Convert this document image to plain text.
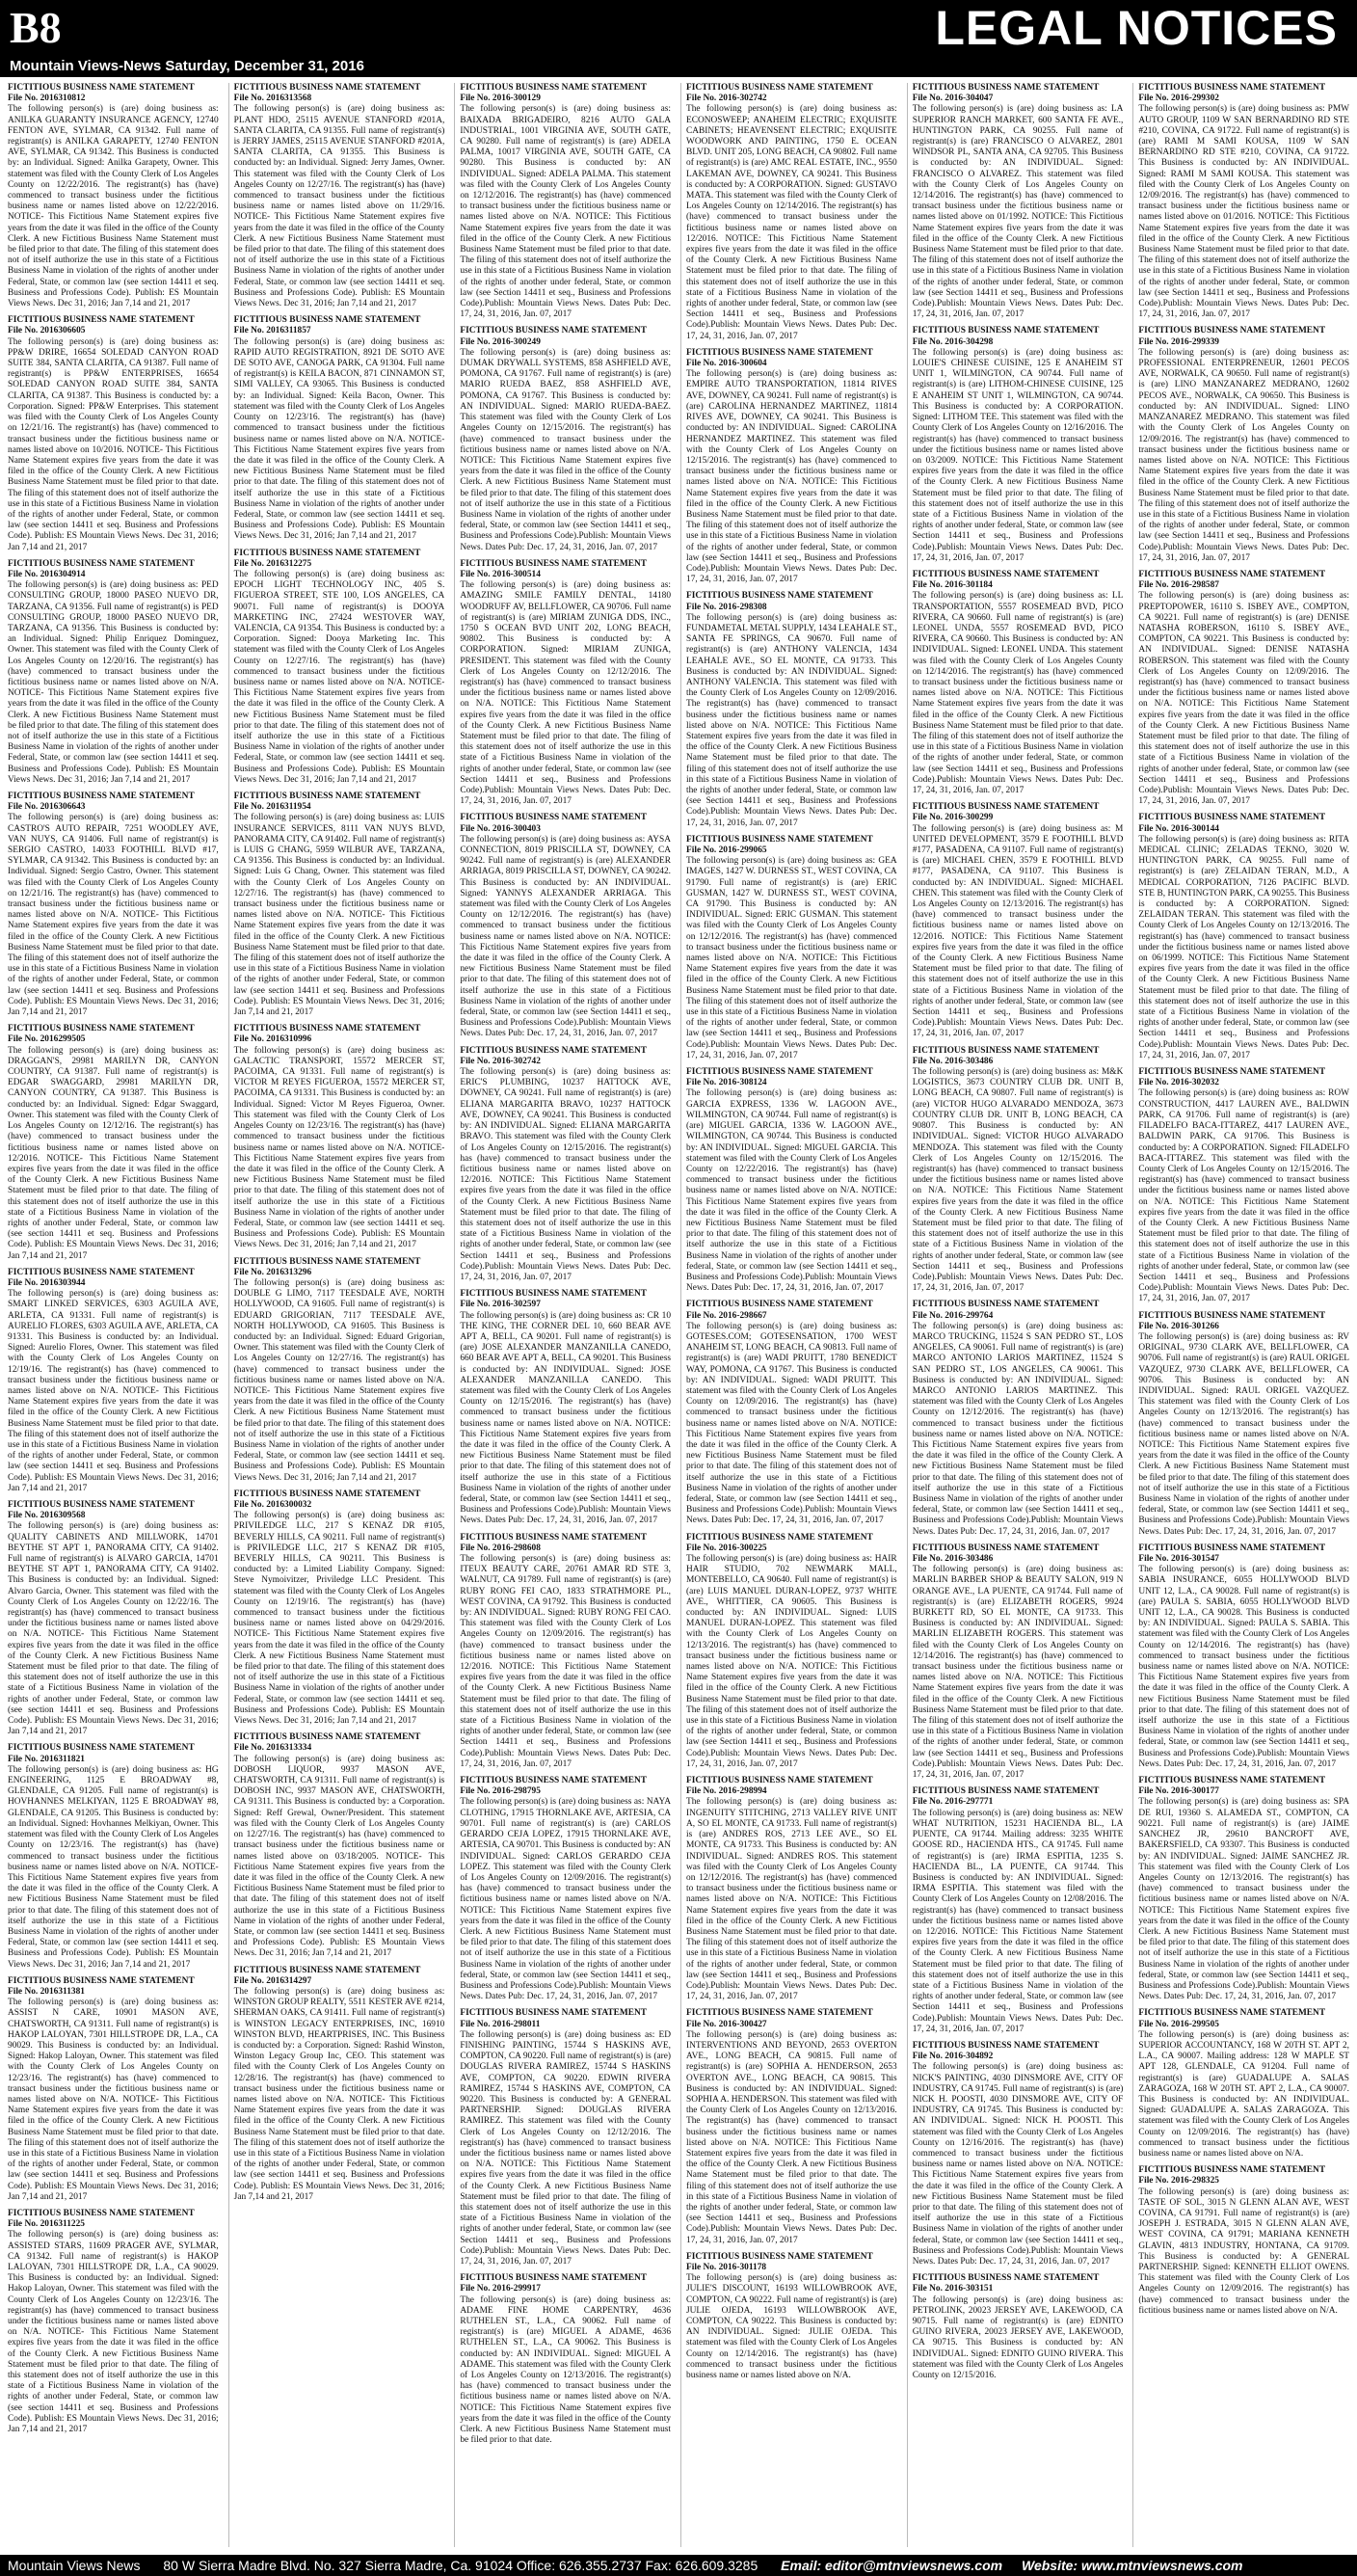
B8	LEGAL NOTICES
Mountain Views-News Saturday, December 31, 2016
FICTITIOUS BUSINESS NAME STATEMENT
File No. 2016310812
The following person(s) is (are) doing business as: ANILKA GUARANTY INSURANCE AGENCY, 12740 FENTON AVE, SYLMAR, CA 91342. Full name of registrant(s) is ANILKA GARAPETY, 12740 FENTON AVE, SYLMAR, CA 91342. This Business is conducted by: an Individual. Signed: Anilka Garapety, Owner. This statement was filed with the County Clerk of Los Angeles County on 12/22/2016. The registrant(s) has (have) commenced to transact business under the fictitious business name or names listed above on 12/22/2016. NOTICE- This Fictitious Name Statement expires five years from the date it was filed in the office of the County Clerk. A new Fictitious Business Name Statement must be filed prior to that date. The filing of this statement does not of itself authorize the use in this state of a Fictitious Business Name in violation of the rights of another under Federal, State, or common law (see section 14411 et seq. Business and Professions Code). Publish: ES Mountain Views News. Dec 31, 2016; Jan 7,14 and 21, 2017
FICTITIOUS BUSINESS NAME STATEMENT
File No. 2016306605
The following person(s) is (are) doing business as: PP&W DRIRE, 16654 SOLEDAD CANYON ROAD SUITE 384, SANTA CLARITA, CA 91387. Full name of registrant(s) is PP&W ENTERPRISES, 16654 SOLEDAD CANYON ROAD SUITE 384, SANTA CLARITA, CA 91387. This Business is conducted by: a Corporation. Signed: PP&W Enterprises. This statement was filed with the County Clerk of Los Angeles County on 12/21/16. The registrant(s) has (have) commenced to transact business under the fictitious business name or names listed above on 10/2016. NOTICE- This Fictitious Name Statement expires five years from the date it was filed in the office of the County Clerk. A new Fictitious Business Name Statement must be filed prior to that date. The filing of this statement does not of itself authorize the use in this state of a Fictitious Business Name in violation of the rights of another under Federal, State, or common law (see section 14411 et seq. Business and Professions Code). Publish: ES Mountain Views News. Dec 31, 2016; Jan 7,14 and 21, 2017
FICTITIOUS BUSINESS NAME STATEMENT
File No. 2016304914
The following person(s) is (are) doing business as: PED CONSULTING GROUP, 18000 PASEO NUEVO DR, TARZANA, CA 91356. Full name of registrant(s) is PED CONSULTING GROUP, 18000 PASEO NUEVO DR, TARZANA, CA 91356. This Business is conducted by: an Individual. Signed: Philip Enriquez Dominguez, Owner. This statement was filed with the County Clerk of Los Angeles County on 12/20/16. The registrant(s) has (have) commenced to transact business under the fictitious business name or names listed above on N/A. NOTICE- This Fictitious Name Statement expires five years from the date it was filed in the office of the County Clerk. A new Fictitious Business Name Statement must be filed prior to that date. The filing of this statement does not of itself authorize the use in this state of a Fictitious Business Name in violation of the rights of another under Federal, State, or common law (see section 14411 et seq. Business and Professions Code). Publish: ES Mountain Views News. Dec 31, 2016; Jan 7,14 and 21, 2017
FICTITIOUS BUSINESS NAME STATEMENT
File No. 2016306643
The following person(s) is (are) doing business as: CASTRO'S AUTO REPAIR, 7251 WOODLEY AVE, VAN NUYS, CA 91406. Full name of registrant(s) is SERGIO CASTRO, 14033 FOOTHILL BLVD #17, SYLMAR, CA 91342. This Business is conducted by: an Individual. Signed: Sergio Castro, Owner. This statement was filed with the County Clerk of Los Angeles County on 12/21/16. The registrant(s) has (have) commenced to transact business under the fictitious business name or names listed above on N/A. NOTICE- This Fictitious Name Statement expires five years from the date it was filed in the office of the County Clerk. A new Fictitious Business Name Statement must be filed prior to that date. The filing of this statement does not of itself authorize the use in this state of a Fictitious Business Name in violation of the rights of another under Federal, State, or common law (see section 14411 et seq. Business and Professions Code). Publish: ES Mountain Views News. Dec 31, 2016; Jan 7,14 and 21, 2017
FICTITIOUS BUSINESS NAME STATEMENT
File No. 2016299505
The following person(s) is (are) doing business as: DRAGGAN'S, 29981 MARILYN DR, CANYON COUNTRY, CA 91387. Full name of registrant(s) is EDGAR SWAGGARD, 29981 MARILYN DR, CANYON COUNTRY, CA 91387. This Business is conducted by: an Individual. Signed: Edgar Swaggard, Owner. This statement was filed with the County Clerk of Los Angeles County on 12/12/16. The registrant(s) has (have) commenced to transact business under the fictitious business name or names listed above on 12/2016. NOTICE- This Fictitious Name Statement expires five years from the date it was filed in the office of the County Clerk. A new Fictitious Business Name Statement must be filed prior to that date. The filing of this statement does not of itself authorize the use in this state of a Fictitious Business Name in violation of the rights of another under Federal, State, or common law (see section 14411 et seq. Business and Professions Code). Publish: ES Mountain Views News. Dec 31, 2016; Jan 7,14 and 21, 2017
FICTITIOUS BUSINESS NAME STATEMENT
File No. 2016303944
The following person(s) is (are) doing business as: SMART LINKED SERVICES, 6303 AGUILA AVE, ARLETA, CA 91331. Full name of registrant(s) is AURELIO FLORES, 6303 AGUILA AVE, ARLETA, CA 91331. This Business is conducted by: an Individual. Signed: Aurelio Flores, Owner. This statement was filed with the County Clerk of Los Angeles County on 12/19/16. The registrant(s) has (have) commenced to transact business under the fictitious business name or names listed above on N/A. NOTICE- This Fictitious Name Statement expires five years from the date it was filed in the office of the County Clerk. A new Fictitious Business Name Statement must be filed prior to that date. The filing of this statement does not of itself authorize the use in this state of a Fictitious Business Name in violation of the rights of another under Federal, State, or common law (see section 14411 et seq. Business and Professions Code). Publish: ES Mountain Views News. Dec 31, 2016; Jan 7,14 and 21, 2017
FICTITIOUS BUSINESS NAME STATEMENT
File No. 2016309568
The following person(s) is (are) doing business as: QUALITY CABINETS AND MILLWORK, 14701 BEYTHE ST APT 1, PANORAMA CITY, CA 91402. Full name of registrant(s) is ALVARO GARCIA, 14701 BEYTHE ST APT 1, PANORAMA CITY, CA 91402. This Business is conducted by: an Individual. Signed: Alvaro Garcia, Owner. This statement was filed with the County Clerk of Los Angeles County on 12/22/16. The registrant(s) has (have) commenced to transact business under the fictitious business name or names listed above on N/A. NOTICE- This Fictitious Name Statement expires five years from the date it was filed in the office of the County Clerk. A new Fictitious Business Name Statement must be filed prior to that date. The filing of this statement does not of itself authorize the use in this state of a Fictitious Business Name in violation of the rights of another under Federal, State, or common law (see section 14411 et seq. Business and Professions Code). Publish: ES Mountain Views News. Dec 31, 2016; Jan 7,14 and 21, 2017
FICTITIOUS BUSINESS NAME STATEMENT
File No. 2016311821
The following person(s) is (are) doing business as: HG ENGINEERING, 1125 E BROADWAY #8, GLENDALE, CA 91205. Full name of registrant(s) is HOVHANNES MELKIYAN, 1125 E BROADWAY #8, GLENDALE, CA 91205. This Business is conducted by: an Individual. Signed: Hovhannes Melkiyan, Owner. This statement was filed with the County Clerk of Los Angeles County on 12/23/16. The registrant(s) has (have) commenced to transact business under the fictitious business name or names listed above on N/A. NOTICE- This Fictitious Name Statement expires five years from the date it was filed in the office of the County Clerk. A new Fictitious Business Name Statement must be filed prior to that date. The filing of this statement does not of itself authorize the use in this state of a Fictitious Business Name in violation of the rights of another under Federal, State, or common law (see section 14411 et seq. Business and Professions Code). Publish: ES Mountain Views News. Dec 31, 2016; Jan 7,14 and 21, 2017
FICTITIOUS BUSINESS NAME STATEMENT
File No. 2016311381
The following person(s) is (are) doing business as: ASSIST N CARE, 10901 MASON AVE, CHATSWORTH, CA 91311. Full name of registrant(s) is HAKOP LALOYAN, 7301 HILLSTROPE DR, L.A., CA 90029. This Business is conducted by: an Individual. Signed: Hakop Laloyan, Owner. This statement was filed with the County Clerk of Los Angeles County on 12/23/16. The registrant(s) has (have) commenced to transact business under the fictitious business name or names listed above on N/A. NOTICE- This Fictitious Name Statement expires five years from the date it was filed in the office of the County Clerk. A new Fictitious Business Name Statement must be filed prior to that date. The filing of this statement does not of itself authorize the use in this state of a Fictitious Business Name in violation of the rights of another under Federal, State, or common law (see section 14411 et seq. Business and Professions Code). Publish: ES Mountain Views News. Dec 31, 2016; Jan 7,14 and 21, 2017
FICTITIOUS BUSINESS NAME STATEMENT
File No. 2016311225
The following person(s) is (are) doing business as: ASSISTED STARS, 11609 PRAGER AVE, SYLMAR, CA 91342. Full name of registrant(s) is HAKOP LALOYAN, 7301 HILLSTROPE DR, L.A., CA 90029. This Business is conducted by: an Individual. Signed: Hakop Laloyan, Owner. This statement was filed with the County Clerk of Los Angeles County on 12/23/16. The registrant(s) has (have) commenced to transact business under the fictitious business name or names listed above on N/A. NOTICE- This Fictitious Name Statement expires five years from the date it was filed in the office of the County Clerk. A new Fictitious Business Name Statement must be filed prior to that date. The filing of this statement does not of itself authorize the use in this state of a Fictitious Business Name in violation of the rights of another under Federal, State, or common law (see section 14411 et seq. Business and Professions Code). Publish: ES Mountain Views News. Dec 31, 2016; Jan 7,14 and 21, 2017
FICTITIOUS BUSINESS NAME STATEMENT
File No. 2016313568
The following person(s) is (are) doing business as: PLANT HDO, 25115 AVENUE STANFORD #201A, SANTA CLARITA, CA 91355. Full name of registrant(s) is JERRY JAMES, 25115 AVENUE STANFORD #201A, SANTA CLARITA, CA 91355. This Business is conducted by: an Individual. Signed: Jerry James, Owner. This statement was filed with the County Clerk of Los Angeles County on 12/27/16. The registrant(s) has (have) commenced to transact business under the fictitious business name or names listed above on 11/29/16. NOTICE- This Fictitious Name Statement expires five years from the date it was filed in the office of the County Clerk. A new Fictitious Business Name Statement must be filed prior to that date. The filing of this statement does not of itself authorize the use in this state of a Fictitious Business Name in violation of the rights of another under Federal, State, or common law (see section 14411 et seq. Business and Professions Code). Publish: ES Mountain Views News. Dec 31, 2016; Jan 7,14 and 21, 2017
FICTITIOUS BUSINESS NAME STATEMENT
File No. 2016311857
The following person(s) is (are) doing business as: RAPID AUTO REGISTRATION, 8921 DE SOTO AVE DE SOTO AVE, CANOGA PARK, CA 91304. Full name of registrant(s) is KEILA BACON, 871 CINNAMON ST, SIMI VALLEY, CA 93065. This Business is conducted by: an Individual. Signed: Keila Bacon, Owner. This statement was filed with the County Clerk of Los Angeles County on 12/23/16. The registrant(s) has (have) commenced to transact business under the fictitious business name or names listed above on N/A. NOTICE- This Fictitious Name Statement expires five years from the date it was filed in the office of the County Clerk. A new Fictitious Business Name Statement must be filed prior to that date. The filing of this statement does not of itself authorize the use in this state of a Fictitious Business Name in violation of the rights of another under Federal, State, or common law (see section 14411 et seq. Business and Professions Code). Publish: ES Mountain Views News. Dec 31, 2016; Jan 7,14 and 21, 2017
FICTITIOUS BUSINESS NAME STATEMENT
File No. 2016312275
The following person(s) is (are) doing business as: EPOCH LIGHT TECHNOLOGY INC, 405 S. FIGUEROA STREET, STE 100, LOS ANGELES, CA 90071. Full name of registrant(s) is DOOYA MARKETING INC, 27424 WESTOVER WAY, VALENCIA, CA 91354. This Business is conducted by: a Corporation. Signed: Dooya Marketing Inc. This statement was filed with the County Clerk of Los Angeles County on 12/27/16. The registrant(s) has (have) commenced to transact business under the fictitious business name or names listed above on N/A. NOTICE- This Fictitious Name Statement expires five years from the date it was filed in the office of the County Clerk. A new Fictitious Business Name Statement must be filed prior to that date. The filing of this statement does not of itself authorize the use in this state of a Fictitious Business Name in violation of the rights of another under Federal, State, or common law (see section 14411 et seq. Business and Professions Code). Publish: ES Mountain Views News. Dec 31, 2016; Jan 7,14 and 21, 2017
FICTITIOUS BUSINESS NAME STATEMENT
File No. 2016311954
The following person(s) is (are) doing business as: LUIS INSURANCE SERVICES, 8111 VAN NUYS BLVD, PANORAMA CITY, CA 91402. Full name of registrant(s) is LUIS G CHANG, 5959 WILBUR AVE, TARZANA, CA 91356. This Business is conducted by: an Individual. Signed: Luis G Chang, Owner. This statement was filed with the County Clerk of Los Angeles County on 12/27/16. The registrant(s) has (have) commenced to transact business under the fictitious business name or names listed above on N/A. NOTICE- This Fictitious Name Statement expires five years from the date it was filed in the office of the County Clerk. A new Fictitious Business Name Statement must be filed prior to that date. The filing of this statement does not of itself authorize the use in this state of a Fictitious Business Name in violation of the rights of another under Federal, State, or common law (see section 14411 et seq. Business and Professions Code). Publish: ES Mountain Views News. Dec 31, 2016; Jan 7,14 and 21, 2017
FICTITIOUS BUSINESS NAME STATEMENT
File No. 2016310996
The following person(s) is (are) doing business as: GALACTIC TRANSPORT, 15572 MERCER ST, PACOIMA, CA 91331. Full name of registrant(s) is VICTOR M REYES FIGUEROA, 15572 MERCER ST, PACOIMA, CA 91331. This Business is conducted by: an Individual. Signed: Victor M Reyes Figueroa, Owner. This statement was filed with the County Clerk of Los Angeles County on 12/23/16. The registrant(s) has (have) commenced to transact business under the fictitious business name or names listed above on N/A. NOTICE- This Fictitious Name Statement expires five years from the date it was filed in the office of the County Clerk. A new Fictitious Business Name Statement must be filed prior to that date. The filing of this statement does not of itself authorize the use in this state of a Fictitious Business Name in violation of the rights of another under Federal, State, or common law (see section 14411 et seq. Business and Professions Code). Publish: ES Mountain Views News. Dec 31, 2016; Jan 7,14 and 21, 2017
FICTITIOUS BUSINESS NAME STATEMENT
File No. 2016313296
The following person(s) is (are) doing business as: DOUBLE G LIMO, 7117 TEESDALE AVE, NORTH HOLLYWOOD, CA 91605. Full name of registrant(s) is EDUARD GRIGORIAN, 7117 TEESDALE AVE, NORTH HOLLYWOOD, CA 91605. This Business is conducted by: an Individual. Signed: Eduard Grigorian, Owner. This statement was filed with the County Clerk of Los Angeles County on 12/27/16. The registrant(s) has (have) commenced to transact business under the fictitious business name or names listed above on N/A. NOTICE- This Fictitious Name Statement expires five years from the date it was filed in the office of the County Clerk. A new Fictitious Business Name Statement must be filed prior to that date. The filing of this statement does not of itself authorize the use in this state of a Fictitious Business Name in violation of the rights of another under Federal, State, or common law (see section 14411 et seq. Business and Professions Code). Publish: ES Mountain Views News. Dec 31, 2016; Jan 7,14 and 21, 2017
FICTITIOUS BUSINESS NAME STATEMENT
File No. 2016300032
The following person(s) is (are) doing business as: PRIVILEDGE LLC, 217 S KENAZ DR #105, BEVERLY HILLS, CA 90211. Full name of registrant(s) is PRIVILEDGE LLC, 217 S KENAZ DR #105, BEVERLY HILLS, CA 90211. This Business is conducted by: a Limited Liability Company. Signed: Steve Nymoivitzer, Priviledge LLC President. This statement was filed with the County Clerk of Los Angeles County on 12/19/16. The registrant(s) has (have) commenced to transact business under the fictitious business name or names listed above on 04/29/2016. NOTICE- This Fictitious Name Statement expires five years from the date it was filed in the office of the County Clerk. A new Fictitious Business Name Statement must be filed prior to that date. The filing of this statement does not of itself authorize the use in this state of a Fictitious Business Name in violation of the rights of another under Federal, State, or common law (see section 14411 et seq. Business and Professions Code). Publish: ES Mountain Views News. Dec 31, 2016; Jan 7,14 and 21, 2017
FICTITIOUS BUSINESS NAME STATEMENT
File No. 2016313334
The following person(s) is (are) doing business as: DOBOSH LIQUOR, 9937 MASON AVE, CHATSWORTH, CA 91311. Full name of registrant(s) is DOBOSH INC, 9937 MASON AVE, CHATSWORTH, CA 91311. This Business is conducted by: a Corporation. Signed: Reff Grewal, Owner/President. This statement was filed with the County Clerk of Los Angeles County on 12/27/16. The registrant(s) has (have) commenced to transact business under the fictitious business name or names listed above on 03/18/2005. NOTICE- This Fictitious Name Statement expires five years from the date it was filed in the office of the County Clerk. A new Fictitious Business Name Statement must be filed prior to that date. The filing of this statement does not of itself authorize the use in this state of a Fictitious Business Name in violation of the rights of another under Federal, State, or common law (see section 14411 et seq. Business and Professions Code). Publish: ES Mountain Views News. Dec 31, 2016; Jan 7,14 and 21, 2017
FICTITIOUS BUSINESS NAME STATEMENT
File No. 2016314297
The following person(s) is (are) doing business as: WINSTON GROUP REALTY, 5511 KESTER AVE #214, SHERMAN OAKS, CA 91411. Full name of registrant(s) is WINSTON LEGACY ENTERPRISES, INC, 16910 WINSTON BLVD, HEARTPRISES, INC. This Business is conducted by: a Corporation. Signed: Rashid Winston, Winston Legacy Group Inc, CEO. This statement was filed with the County Clerk of Los Angeles County on 12/28/16. The registrant(s) has (have) commenced to transact business under the fictitious business name or names listed above on N/A. NOTICE- This Fictitious Name Statement expires five years from the date it was filed in the office of the County Clerk. A new Fictitious Business Name Statement must be filed prior to that date. The filing of this statement does not of itself authorize the use in this state of a Fictitious Business Name in violation of the rights of another under Federal, State, or common law (see section 14411 et seq. Business and Professions Code). Publish: ES Mountain Views News. Dec 31, 2016; Jan 7,14 and 21, 2017
FICTITIOUS BUSINESS NAME STATEMENT
File No. 2016-300129
The following person(s) is (are) doing business as: BAIXADA BRIGADEIRO, 8216 AUTO GALA INDUSTRIAL, 1001 VIRGINIA AVE, SOUTH GATE, CA 90280. Full name of registrant(s) is (are) ADELA PALMA, 10017 VIRGINIA AVE, SOUTH GATE, CA 90280. This Business is conducted by: AN INDIVIDUAL. Signed: ADELA PALMA. This statement was filed with the County Clerk of Los Angeles County on 12/12/2016. The registrant(s) has (have) commenced to transact business under the fictitious business name or names listed above on N/A. NOTICE: This Fictitious Name Statement expires five years from the date it was filed in the office of the County Clerk. A new Fictitious Business Name Statement must be filed prior to that date. The filing of this statement does not of itself authorize the use in this state of a Fictitious Business Name in violation of the rights of another under federal, State, or common law (see Section 14411 et seq., Business and Professions Code).Publish: Mountain Views News. Dates Pub: Dec. 17, 24, 31, 2016, Jan. 07, 2017
FICTITIOUS BUSINESS NAME STATEMENT
File No. 2016-300249
The following person(s) is (are) doing business as: DUMAK DRYWALL SYSTEMS, 858 ASHFIELD AVE, POMONA, CA 91767. Full name of registrant(s) is (are) MARIO RUEDA BAEZ, 858 ASHFIELD AVE, POMONA, CA 91767. This Business is conducted by: AN INDIVIDUAL. Signed: MARIO RUEDA-BAEZ. This statement was filed with the County Clerk of Los Angeles County on 12/15/2016. The registrant(s) has (have) commenced to transact business under the fictitious business name or names listed above on N/A. NOTICE: This Fictitious Name Statement expires five years from the date it was filed in the office of the County Clerk. A new Fictitious Business Name Statement must be filed prior to that date. The filing of this statement does not of itself authorize the use in this state of a Fictitious Business Name in violation of the rights of another under federal, State, or common law (see Section 14411 et seq., Business and Professions Code).Publish: Mountain Views News. Dates Pub: Dec. 17, 24, 31, 2016, Jan. 07, 2017
FICTITIOUS BUSINESS NAME STATEMENT
File No. 2016-300514
The following person(s) is (are) doing business as: AMAZING SMILE FAMILY DENTAL, 14180 WOODRUFF AV, BELLFLOWER, CA 90706. Full name of registrant(s) is (are) MIRIAM ZUNIGA DDS, INC., 1750 S OCEAN BVD UNIT 202, LONG BEACH, 90802. This Business is conducted by: A CORPORATION. Signed: MIRIAM ZUNIGA, PRESIDENT. This statement was filed with the County Clerk of Los Angeles County on 12/12/2016. The registrant(s) has (have) commenced to transact business under the fictitious business name or names listed above on N/A. NOTICE: This Fictitious Name Statement expires five years from the date it was filed in the office of the County Clerk. A new Fictitious Business Name Statement must be filed prior to that date. The filing of this statement does not of itself authorize the use in this state of a Fictitious Business Name in violation of the rights of another under federal, State, or common law (see Section 14411 et seq., Business and Professions Code).Publish: Mountain Views News. Dates Pub: Dec. 17, 24, 31, 2016, Jan. 07, 2017
FICTITIOUS BUSINESS NAME STATEMENT
File No. 2016-300403
The following person(s) is (are) doing business as: AYSA CONNECTION, 8019 PRISCILLA ST, DOWNEY, CA 90242. Full name of registrant(s) is (are) ALEXANDER ARRIAGA, 8019 PRISCILLA ST, DOWNEY, CA 90242. This Business is conducted by: AN INDIVIDUAL. Signed: YANNYS ALEXANDER ARRIAGA. This statement was filed with the County Clerk of Los Angeles County on 12/12/2016. The registrant(s) has (have) commenced to transact business under the fictitious business name or names listed above on N/A. NOTICE: This Fictitious Name Statement expires five years from the date it was filed in the office of the County Clerk. A new Fictitious Business Name Statement must be filed prior to that date. The filing of this statement does not of itself authorize the use in this state of a Fictitious Business Name in violation of the rights of another under federal, State, or common law (see Section 14411 et seq., Business and Professions Code).Publish: Mountain Views News. Dates Pub: Dec. 17, 24, 31, 2016, Jan. 07, 2017
FICTITIOUS BUSINESS NAME STATEMENT
File No. 2016-302742
The following person(s) is (are) doing business as: ERIC'S PLUMBING, 10237 HATTOCK AVE, DOWNEY, CA 90241. Full name of registrant(s) is (are) ELIANA MARGARITA BRAVO, 10237 HATTOCK AVE, DOWNEY, CA 90241. This Business is conducted by: AN INDIVIDUAL. Signed: ELIANA MARGARITA BRAVO. This statement was filed with the County Clerk of Los Angeles County on 12/15/2016. The registrant(s) has (have) commenced to transact business under the fictitious business name or names listed above on 12/2016. NOTICE: This Fictitious Name Statement expires five years from the date it was filed in the office of the County Clerk. A new Fictitious Business Name Statement must be filed prior to that date. The filing of this statement does not of itself authorize the use in this state of a Fictitious Business Name in violation of the rights of another under federal, State, or common law (see Section 14411 et seq., Business and Professions Code).Publish: Mountain Views News. Dates Pub: Dec. 17, 24, 31, 2016, Jan. 07, 2017
FICTITIOUS BUSINESS NAME STATEMENT
File No. 2016-302597
The following person(s) is (are) doing business as: CR 10 THE KING, THE CORNER DEL 10, 660 BEAR AVE APT A, BELL, CA 90201. Full name of registrant(s) is (are) JOSE ALEXANDER MANZANILLA CANEDO, 660 BEAR AVE APT A, BELL, CA 90201. This Business is conducted by: AN INDIVIDUAL. Signed: JOSE ALEXANDER MANZANILLA CANEDO. This statement was filed with the County Clerk of Los Angeles County on 12/15/2016. The registrant(s) has (have) commenced to transact business under the fictitious business name or names listed above on N/A. NOTICE: This Fictitious Name Statement expires five years from the date it was filed in the office of the County Clerk. A new Fictitious Business Name Statement must be filed prior to that date. The filing of this statement does not of itself authorize the use in this state of a Fictitious Business Name in violation of the rights of another under federal, State, or common law (see Section 14411 et seq., Business and Professions Code).Publish: Mountain Views News. Dates Pub: Dec. 17, 24, 31, 2016, Jan. 07, 2017
FICTITIOUS BUSINESS NAME STATEMENT
File No. 2016-298608
The following person(s) is (are) doing business as: ITEUX BEAUTY CARE, 20761 AMAR RD STE 3, WALNUT, CA 91789. Full name of registrant(s) is (are) RUBY RONG FEI CAO, 1833 STRATHMORE PL., WEST COVINA, CA 91792. This Business is conducted by: AN INDIVIDUAL. Signed: RUBY RONG FEI CAO. This statement was filed with the County Clerk of Los Angeles County on 12/09/2016. The registrant(s) has (have) commenced to transact business under the fictitious business name or names listed above on 12/2016. NOTICE: This Fictitious Name Statement expires five years from the date it was filed in the office of the County Clerk. A new Fictitious Business Name Statement must be filed prior to that date. The filing of this statement does not of itself authorize the use in this state of a Fictitious Business Name in violation of the rights of another under federal, State, or common law (see Section 14411 et seq., Business and Professions Code).Publish: Mountain Views News. Dates Pub: Dec. 17, 24, 31, 2016, Jan. 07, 2017
FICTITIOUS BUSINESS NAME STATEMENT
File No. 2016-298795
The following person(s) is (are) doing business as: NAYA CLOTHING, 17915 THORNLAKE AVE, ARTESIA, CA 90701. Full name of registrant(s) is (are) CARLOS GERARDO CEJA LOPEZ, 17915 THORNLAKE AVE, ARTESIA, CA 90701. This Business is conducted by: AN INDIVIDUAL. Signed: CARLOS GERARDO CEJA LOPEZ. This statement was filed with the County Clerk of Los Angeles County on 12/09/2016. The registrant(s) has (have) commenced to transact business under the fictitious business name or names listed above on N/A. NOTICE: This Fictitious Name Statement expires five years from the date it was filed in the office of the County Clerk. A new Fictitious Business Name Statement must be filed prior to that date. The filing of this statement does not of itself authorize the use in this state of a Fictitious Business Name in violation of the rights of another under federal, State, or common law (see Section 14411 et seq., Business and Professions Code).Publish: Mountain Views News. Dates Pub: Dec. 17, 24, 31, 2016, Jan. 07, 2017
FICTITIOUS BUSINESS NAME STATEMENT
File No. 2016-298011
The following person(s) is (are) doing business as: ED FINISHING PAINTING, 15744 S HASKINS AVE, COMPTON, CA 90220. Full name of registrant(s) is (are) DOUGLAS RIVERA RAMIREZ, 15744 S HASKINS AVE, COMPTON, CA 90220. EDWIN RIVERA RAMIREZ, 15744 S HASKINS AVE, COMPTON, CA 90220. This Business is conducted by: A GENERAL PARTNERSHIP. Signed: DOUGLAS RIVERA RAMIREZ. This statement was filed with the County Clerk of Los Angeles County on 12/12/2016. The registrant(s) has (have) commenced to transact business under the fictitious business name or names listed above on N/A. NOTICE: This Fictitious Name Statement expires five years from the date it was filed in the office of the County Clerk. A new Fictitious Business Name Statement must be filed prior to that date. The filing of this statement does not of itself authorize the use in this state of a Fictitious Business Name in violation of the rights of another under federal, State, or common law (see Section 14411 et seq., Business and Professions Code).Publish: Mountain Views News. Dates Pub: Dec. 17, 24, 31, 2016, Jan. 07, 2017
FICTITIOUS BUSINESS NAME STATEMENT
File No. 2016-299917
The following person(s) is (are) doing business as: ADAME FINE HOME CARPENTRY, 4636 RUTHELEN ST., L.A., CA 90062. Full name of registrant(s) is (are) MIGUEL A ADAME, 4636 RUTHELEN ST., L.A., CA 90062. This Business is conducted by: AN INDIVIDUAL. Signed: MIGUEL A ADAME. This statement was filed with the County Clerk of Los Angeles County on 12/13/2016. The registrant(s) has (have) commenced to transact business under the fictitious business name or names listed above on N/A. NOTICE: This Fictitious Name Statement expires five years from the date it was filed in the office of the County Clerk. A new Fictitious Business Name Statement must be filed prior to that date.
FICTITIOUS BUSINESS NAME STATEMENT
File No. 2016-302742
The following person(s) is (are) doing business as: ECONOSWEEP; ANAHEIM ELECTRIC; EXQUISITE CABINETS; HEAVENSENT ELECTRIC; EXQUISITE WOODWORK AND PAINTING, 1750 E. OCEAN BLVD. UNIT 205, LONG BEACH, CA 90802. Full name of registrant(s) is (are) AMC REAL ESTATE, INC., 9550 LAKEMAN AVE, DOWNEY, CA 90241. This Business is conducted by: A CORPORATION. Signed: GUSTAVO MATA. This statement was filed with the County Clerk of Los Angeles County on 12/14/2016. The registrant(s) has (have) commenced to transact business under the fictitious business name or names listed above on 12/2016. NOTICE: This Fictitious Name Statement expires five years from the date it was filed in the office of the County Clerk. A new Fictitious Business Name Statement must be filed prior to that date. The filing of this statement does not of itself authorize the use in this state of a Fictitious Business Name in violation of the rights of another under federal, State, or common law (see Section 14411 et seq., Business and Professions Code).Publish: Mountain Views News. Dates Pub: Dec. 17, 24, 31, 2016, Jan. 07, 2017
FICTITIOUS BUSINESS NAME STATEMENT
File No. 2016-300604
The following person(s) is (are) doing business as: EMPIRE AUTO TRANSPORTATION, 11814 RIVES AVE, DOWNEY, CA 90241. Full name of registrant(s) is (are) CAROLINA HERNANDEZ MARTINEZ, 11814 RIVES AVE, DOWNEY, CA 90241. This Business is conducted by: AN INDIVIDUAL. Signed: CAROLINA HERNANDEZ MARTINEZ. This statement was filed with the County Clerk of Los Angeles County on 12/15/2016. The registrant(s) has (have) commenced to transact business under the fictitious business name or names listed above on N/A. NOTICE: This Fictitious Name Statement expires five years from the date it was filed in the office of the County Clerk. A new Fictitious Business Name Statement must be filed prior to that date. The filing of this statement does not of itself authorize the use in this state of a Fictitious Business Name in violation of the rights of another under federal, State, or common law (see Section 14411 et seq., Business and Professions Code).Publish: Mountain Views News. Dates Pub: Dec. 17, 24, 31, 2016, Jan. 07, 2017
FICTITIOUS BUSINESS NAME STATEMENT
File No. 2016-298308
The following person(s) is (are) doing business as: FUNDAMETAL METAL SUPPLY, 1434 LEAHALE ST., SANTA FE SPRINGS, CA 90670. Full name of registrant(s) is (are) ANTHONY VALENCIA, 1434 LEAHALE AVE., SO EL MONTE, CA 91733. This Business is conducted by: AN INDIVIDUAL. Signed: ANTHONY VALENCIA. This statement was filed with the County Clerk of Los Angeles County on 12/09/2016. The registrant(s) has (have) commenced to transact business under the fictitious business name or names listed above on N/A. NOTICE: This Fictitious Name Statement expires five years from the date it was filed in the office of the County Clerk. A new Fictitious Business Name Statement must be filed prior to that date. The filing of this statement does not of itself authorize the use in this state of a Fictitious Business Name in violation of the rights of another under federal, State, or common law (see Section 14411 et seq., Business and Professions Code).Publish: Mountain Views News. Dates Pub: Dec. 17, 24, 31, 2016, Jan. 07, 2017
FICTITIOUS BUSINESS NAME STATEMENT
File No. 2016-299065
The following person(s) is (are) doing business as: GEA IMAGES, 1427 W. DURNESS ST., WEST COVINA, CA 91790. Full name of registrant(s) is (are) ERIC GUSMAN, 1427 W. DURNESS ST., WEST COVINA, CA 91790. This Business is conducted by: AN INDIVIDUAL. Signed: ERIC GUSMAN. This statement was filed with the County Clerk of Los Angeles County on 12/12/2016. The registrant(s) has (have) commenced to transact business under the fictitious business name or names listed above on N/A. NOTICE: This Fictitious Name Statement expires five years from the date it was filed in the office of the County Clerk. A new Fictitious Business Name Statement must be filed prior to that date. The filing of this statement does not of itself authorize the use in this state of a Fictitious Business Name in violation of the rights of another under federal, State, or common law (see Section 14411 et seq., Business and Professions Code).Publish: Mountain Views News. Dates Pub: Dec. 17, 24, 31, 2016, Jan. 07, 2017
FICTITIOUS BUSINESS NAME STATEMENT
File No. 2016-308124
The following person(s) is (are) doing business as: GARCIA EXPRESS, 1336 W. LAGOON AVE., WILMINGTON, CA 90744. Full name of registrant(s) is (are) MIGUEL GARCIA, 1336 W. LAGOON AVE., WILMINGTON, CA 90744. This Business is conducted by: AN INDIVIDUAL. Signed: MIGUEL GARCIA. This statement was filed with the County Clerk of Los Angeles County on 12/22/2016. The registrant(s) has (have) commenced to transact business under the fictitious business name or names listed above on N/A. NOTICE: This Fictitious Name Statement expires five years from the date it was filed in the office of the County Clerk. A new Fictitious Business Name Statement must be filed prior to that date. The filing of this statement does not of itself authorize the use in this state of a Fictitious Business Name in violation of the rights of another under federal, State, or common law (see Section 14411 et seq., Business and Professions Code).Publish: Mountain Views News. Dates Pub: Dec. 17, 24, 31, 2016, Jan. 07, 2017
FICTITIOUS BUSINESS NAME STATEMENT
File No. 2016-298667
The following person(s) is (are) doing business as: GOTESES.COM; GOTESENSATION, 1700 WEST ANAHEIM ST, LONG BEACH, CA 90813. Full name of registrant(s) is (are) WADI PRUITT, 1780 BENEDICT WAY, POMONA, CA 91767. This Business is conducted by: AN INDIVIDUAL. Signed: WADI PRUITT. This statement was filed with the County Clerk of Los Angeles County on 12/09/2016. The registrant(s) has (have) commenced to transact business under the fictitious business name or names listed above on N/A. NOTICE: This Fictitious Name Statement expires five years from the date it was filed in the office of the County Clerk. A new Fictitious Business Name Statement must be filed prior to that date. The filing of this statement does not of itself authorize the use in this state of a Fictitious Business Name in violation of the rights of another under federal, State, or common law (see Section 14411 et seq., Business and Professions Code).Publish: Mountain Views News. Dates Pub: Dec. 17, 24, 31, 2016, Jan. 07, 2017
FICTITIOUS BUSINESS NAME STATEMENT
File No. 2016-300225
The following person(s) is (are) doing business as: HAIR HAIR STUDIO, 702 NEWMARK MALL, MONTEBELLO, CA 90640. Full name of registrant(s) is (are) LUIS MANUEL DURAN-LOPEZ, 9737 WHITE AVE., WHITTIER, CA 90605. This Business is conducted by: AN INDIVIDUAL. Signed: LUIS MANUEL DURAN-LOPEZ. This statement was filed with the County Clerk of Los Angeles County on 12/13/2016. The registrant(s) has (have) commenced to transact business under the fictitious business name or names listed above on N/A. NOTICE: This Fictitious Name Statement expires five years from the date it was filed in the office of the County Clerk. A new Fictitious Business Name Statement must be filed prior to that date. The filing of this statement does not of itself authorize the use in this state of a Fictitious Business Name in violation of the rights of another under federal, State, or common law (see Section 14411 et seq., Business and Professions Code).Publish: Mountain Views News. Dates Pub: Dec. 17, 24, 31, 2016, Jan. 07, 2017
FICTITIOUS BUSINESS NAME STATEMENT
File No. 2016-298994
The following person(s) is (are) doing business as: INGENUITY STITCHING, 2713 VALLEY RIVE UNIT A, SO EL MONTE, CA 91733. Full name of registrant(s) is (are) ANDRES ROS, 2713 LEE AVE., SO EL MONTE, CA 91733. This Business is conducted by: AN INDIVIDUAL. Signed: ANDRES ROS. This statement was filed with the County Clerk of Los Angeles County on 12/12/2016. The registrant(s) has (have) commenced to transact business under the fictitious business name or names listed above on N/A. NOTICE: This Fictitious Name Statement expires five years from the date it was filed in the office of the County Clerk. A new Fictitious Business Name Statement must be filed prior to that date. The filing of this statement does not of itself authorize the use in this state of a Fictitious Business Name in violation of the rights of another under federal, State, or common law (see Section 14411 et seq., Business and Professions Code).Publish: Mountain Views News. Dates Pub: Dec. 17, 24, 31, 2016, Jan. 07, 2017
FICTITIOUS BUSINESS NAME STATEMENT
File No. 2016-300427
The following person(s) is (are) doing business as: INTERVENTIONS AND BEYOND, 2653 OVERTON AVE., LONG BEACH, CA 90815. Full name of registrant(s) is (are) SOPHIA A. HENDERSON, 2653 OVERTON AVE., LONG BEACH, CA 90815. This Business is conducted by: AN INDIVIDUAL. Signed: SOPHIA A. HENDERSON. This statement was filed with the County Clerk of Los Angeles County on 12/13/2016. The registrant(s) has (have) commenced to transact business under the fictitious business name or names listed above on N/A. NOTICE: This Fictitious Name Statement expires five years from the date it was filed in the office of the County Clerk. A new Fictitious Business Name Statement must be filed prior to that date. The filing of this statement does not of itself authorize the use in this state of a Fictitious Business Name in violation of the rights of another under federal, State, or common law (see Section 14411 et seq., Business and Professions Code).Publish: Mountain Views News. Dates Pub: Dec. 17, 24, 31, 2016, Jan. 07, 2017
FICTITIOUS BUSINESS NAME STATEMENT
File No. 2016-301178
The following person(s) is (are) doing business as: JULIE'S DISCOUNT, 16193 WILLOWBROOK AVE, COMPTON, CA 90222. Full name of registrant(s) is (are) JULIE OJEDA, 16193 WILLOWBROOK AVE, COMPTON, CA 90222. This Business is conducted by: AN INDIVIDUAL. Signed: JULIE OJEDA. This statement was filed with the County Clerk of Los Angeles County on 12/14/2016. The registrant(s) has (have) commenced to transact business under the fictitious business name or names listed above on N/A.
FICTITIOUS BUSINESS NAME STATEMENT
File No. 2016-304047
The following person(s) is (are) doing business as: LA SUPERIOR RANCH MARKET, 600 SANTA FE AVE., HUNTINGTON PARK, CA 90255. Full name of registrant(s) is (are) FRANCISCO O ALVAREZ, 2801 WINDSOR PL, SANTA ANA, CA 92705. This Business is conducted by: AN INDIVIDUAL. Signed: FRANCISCO O ALVAREZ. This statement was filed with the County Clerk of Los Angeles County on 12/14/2016. The registrant(s) has (have) commenced to transact business under the fictitious business name or names listed above on 01/1992. NOTICE: This Fictitious Name Statement expires five years from the date it was filed in the office of the County Clerk. A new Fictitious Business Name Statement must be filed prior to that date. The filing of this statement does not of itself authorize the use in this state of a Fictitious Business Name in violation of the rights of another under federal, State, or common law (see Section 14411 et seq., Business and Professions Code).Publish: Mountain Views News. Dates Pub: Dec. 17, 24, 31, 2016, Jan. 07, 2017
FICTITIOUS BUSINESS NAME STATEMENT
File No. 2016-304298
The following person(s) is (are) doing business as: LOUIE'S CHINESE CUISINE, 125 E ANAHEIM ST UNIT 1, WILMINGTON, CA 90744. Full name of registrant(s) is (are) LITHOM-CHINESE CUISINE, 125 E ANAHEIM ST UNIT 1, WILMINGTON, CA 90744. This Business is conducted by: A CORPORATION. Signed: LITHOM TEE. This statement was filed with the County Clerk of Los Angeles County on 12/16/2016. The registrant(s) has (have) commenced to transact business under the fictitious business name or names listed above on 03/2009. NOTICE: This Fictitious Name Statement expires five years from the date it was filed in the office of the County Clerk. A new Fictitious Business Name Statement must be filed prior to that date. The filing of this statement does not of itself authorize the use in this state of a Fictitious Business Name in violation of the rights of another under federal, State, or common law (see Section 14411 et seq., Business and Professions Code).Publish: Mountain Views News. Dates Pub: Dec. 17, 24, 31, 2016, Jan. 07, 2017
FICTITIOUS BUSINESS NAME STATEMENT
File No. 2016-301184
The following person(s) is (are) doing business as: LL TRANSPORTATION, 5557 ROSEMEAD BVD, PICO RIVERA, CA 90660. Full name of registrant(s) is (are) LEONEL UNDA, 5557 ROSEMEAD BVD, PICO RIVERA, CA 90660. This Business is conducted by: AN INDIVIDUAL. Signed: LEONEL UNDA. This statement was filed with the County Clerk of Los Angeles County on 12/14/2016. The registrant(s) has (have) commenced to transact business under the fictitious business name or names listed above on N/A. NOTICE: This Fictitious Name Statement expires five years from the date it was filed in the office of the County Clerk. A new Fictitious Business Name Statement must be filed prior to that date. The filing of this statement does not of itself authorize the use in this state of a Fictitious Business Name in violation of the rights of another under federal, State, or common law (see Section 14411 et seq., Business and Professions Code).Publish: Mountain Views News. Dates Pub: Dec. 17, 24, 31, 2016, Jan. 07, 2017
FICTITIOUS BUSINESS NAME STATEMENT
File No. 2016-300299
The following person(s) is (are) doing business as: M UNITED DEVELOPMENT, 3579 E FOOTHILL BLVD #177, PASADENA, CA 91107. Full name of registrant(s) is (are) MICHAEL CHEN, 3579 E FOOTHILL BLVD #177, PASADENA, CA 91107. This Business is conducted by: AN INDIVIDUAL. Signed: MICHAEL CHEN. This statement was filed with the County Clerk of Los Angeles County on 12/13/2016. The registrant(s) has (have) commenced to transact business under the fictitious business name or names listed above on 12/2016. NOTICE: This Fictitious Name Statement expires five years from the date it was filed in the office of the County Clerk. A new Fictitious Business Name Statement must be filed prior to that date. The filing of this statement does not of itself authorize the use in this state of a Fictitious Business Name in violation of the rights of another under federal, State, or common law (see Section 14411 et seq., Business and Professions Code).Publish: Mountain Views News. Dates Pub: Dec. 17, 24, 31, 2016, Jan. 07, 2017
FICTITIOUS BUSINESS NAME STATEMENT
File No. 2016-303486
The following person(s) is (are) doing business as: M&K LOGISTICS, 3673 COUNTRY CLUB DR. UNIT B, LONG BEACH, CA 90807. Full name of registrant(s) is (are) VICTOR HUGO ALVARADO MENDOZA, 3673 COUNTRY CLUB DR. UNIT B, LONG BEACH, CA 90807. This Business is conducted by: AN INDIVIDUAL. Signed: VICTOR HUGO ALVARADO MENDOZA. This statement was filed with the County Clerk of Los Angeles County on 12/15/2016. The registrant(s) has (have) commenced to transact business under the fictitious business name or names listed above on N/A. NOTICE: This Fictitious Name Statement expires five years from the date it was filed in the office of the County Clerk. A new Fictitious Business Name Statement must be filed prior to that date. The filing of this statement does not of itself authorize the use in this state of a Fictitious Business Name in violation of the rights of another under federal, State, or common law (see Section 14411 et seq., Business and Professions Code).Publish: Mountain Views News. Dates Pub: Dec. 17, 24, 31, 2016, Jan. 07, 2017
FICTITIOUS BUSINESS NAME STATEMENT
File No. 2016-299764
The following person(s) is (are) doing business as: MARCO TRUCKING, 11524 S SAN PEDRO ST., LOS ANGELES, CA 90061. Full name of registrant(s) is (are) MARCO ANTONIO LARIOS MARTINEZ, 11524 S SAN PEDRO ST., LOS ANGELES, CA 90061. This Business is conducted by: AN INDIVIDUAL. Signed: MARCO ANTONIO LARIOS MARTINEZ. This statement was filed with the County Clerk of Los Angeles County on 12/12/2016. The registrant(s) has (have) commenced to transact business under the fictitious business name or names listed above on N/A. NOTICE: This Fictitious Name Statement expires five years from the date it was filed in the office of the County Clerk. A new Fictitious Business Name Statement must be filed prior to that date. The filing of this statement does not of itself authorize the use in this state of a Fictitious Business Name in violation of the rights of another under federal, State, or common law (see Section 14411 et seq., Business and Professions Code).Publish: Mountain Views News. Dates Pub: Dec. 17, 24, 31, 2016, Jan. 07, 2017
FICTITIOUS BUSINESS NAME STATEMENT
File No. 2016-303486
The following person(s) is (are) doing business as: MARLIN BARBER SHOP & BEAUTY SALON, 919 N ORANGE AVE., LA PUENTE, CA 91744. Full name of registrant(s) is (are) ELIZABETH ROGERS, 9924 BURKETT RD, SO EL MONTE, CA 91733. This Business is conducted by: AN INDIVIDUAL. Signed: MARLIN ELIZABETH ROGERS. This statement was filed with the County Clerk of Los Angeles County on 12/14/2016. The registrant(s) has (have) commenced to transact business under the fictitious business name or names listed above on N/A. NOTICE: This Fictitious Name Statement expires five years from the date it was filed in the office of the County Clerk. A new Fictitious Business Name Statement must be filed prior to that date. The filing of this statement does not of itself authorize the use in this state of a Fictitious Business Name in violation of the rights of another under federal, State, or common law (see Section 14411 et seq., Business and Professions Code).Publish: Mountain Views News. Dates Pub: Dec. 17, 24, 31, 2016, Jan. 07, 2017
FICTITIOUS BUSINESS NAME STATEMENT
File No. 2016-297771
The following person(s) is (are) doing business as: NEW WHAT NUTRITION, 15231 HACIENDA BL., LA PUENTE, CA 91744. Mailing address: 3235 WHITE GOOSE RD., HACIENDA HTS., CA 91745. Full name of registrant(s) is (are) IRMA ESPITIA, 1235 S. HACIENDA BL., LA PUENTE, CA 91744. This Business is conducted by: AN INDIVIDUAL. Signed: IRMA ESPITIA. This statement was filed with the County Clerk of Los Angeles County on 12/08/2016. The registrant(s) has (have) commenced to transact business under the fictitious business name or names listed above on 12/2016. NOTICE: This Fictitious Name Statement expires five years from the date it was filed in the office of the County Clerk. A new Fictitious Business Name Statement must be filed prior to that date. The filing of this statement does not of itself authorize the use in this state of a Fictitious Business Name in violation of the rights of another under federal, State, or common law (see Section 14411 et seq., Business and Professions Code).Publish: Mountain Views News. Dates Pub: Dec. 17, 24, 31, 2016, Jan. 07, 2017
FICTITIOUS BUSINESS NAME STATEMENT
File No. 2016-304892
The following person(s) is (are) doing business as: NICK'S PAINTING, 4030 DINSMORE AVE, CITY OF INDUSTRY, CA 91745. Full name of registrant(s) is (are) NICK H. POOSTI, 4030 DINSMORE AVE, CITY OF INDUSTRY, CA 91745. This Business is conducted by: AN INDIVIDUAL. Signed: NICK H. POOSTI. This statement was filed with the County Clerk of Los Angeles County on 12/16/2016. The registrant(s) has (have) commenced to transact business under the fictitious business name or names listed above on N/A. NOTICE: This Fictitious Name Statement expires five years from the date it was filed in the office of the County Clerk. A new Fictitious Business Name Statement must be filed prior to that date. The filing of this statement does not of itself authorize the use in this state of a Fictitious Business Name in violation of the rights of another under federal, State, or common law (see Section 14411 et seq., Business and Professions Code).Publish: Mountain Views News. Dates Pub: Dec. 17, 24, 31, 2016, Jan. 07, 2017
FICTITIOUS BUSINESS NAME STATEMENT
File No. 2016-303151
The following person(s) is (are) doing business as: PETROLINK, 20023 JERSEY AVE, LAKEWOOD, CA 90715. Full name of registrant(s) is (are) EDNITO GUINO RIVERA, 20023 JERSEY AVE, LAKEWOOD, CA 90715. This Business is conducted by: AN INDIVIDUAL. Signed: EDNITO GUINO RIVERA. This statement was filed with the County Clerk of Los Angeles County on 12/15/2016.
FICTITIOUS BUSINESS NAME STATEMENT
File No. 2016-299302
The following person(s) is (are) doing business as: PMW AUTO GROUP, 1109 W SAN BERNARDINO RD STE #210, COVINA, CA 91722. Full name of registrant(s) is (are) RAMI M SAMI KOUSA, 1109 W SAN BERNARDINO RD STE #210, COVINA, CA 91722. This Business is conducted by: AN INDIVIDUAL. Signed: RAMI M SAMI KOUSA. This statement was filed with the County Clerk of Los Angeles County on 12/09/2016. The registrant(s) has (have) commenced to transact business under the fictitious business name or names listed above on 01/2016. NOTICE: This Fictitious Name Statement expires five years from the date it was filed in the office of the County Clerk. A new Fictitious Business Name Statement must be filed prior to that date. The filing of this statement does not of itself authorize the use in this state of a Fictitious Business Name in violation of the rights of another under federal, State, or common law (see Section 14411 et seq., Business and Professions Code).Publish: Mountain Views News. Dates Pub: Dec. 17, 24, 31, 2016, Jan. 07, 2017
FICTITIOUS BUSINESS NAME STATEMENT
File No. 2016-299339
The following person(s) is (are) doing business as: PROFESSIONAL ENTERPRENEUR, 12601 PECOS AVE, NORWALK, CA 90650. Full name of registrant(s) is (are) LINO MANZANAREZ MEDRANO, 12602 PECOS AVE., NORWALK, CA 90650. This Business is conducted by: AN INDIVIDUAL. Signed: LINO MANZANAREZ MEDRANO. This statement was filed with the County Clerk of Los Angeles County on 12/09/2016. The registrant(s) has (have) commenced to transact business under the fictitious business name or names listed above on N/A. NOTICE: This Fictitious Name Statement expires five years from the date it was filed in the office of the County Clerk. A new Fictitious Business Name Statement must be filed prior to that date. The filing of this statement does not of itself authorize the use in this state of a Fictitious Business Name in violation of the rights of another under federal, State, or common law (see Section 14411 et seq., Business and Professions Code).Publish: Mountain Views News. Dates Pub: Dec. 17, 24, 31, 2016, Jan. 07, 2017
FICTITIOUS BUSINESS NAME STATEMENT
File No. 2016-298587
The following person(s) is (are) doing business as: PREPTOPOWER, 16110 S. ISBEY AVE., COMPTON, CA 90221. Full name of registrant(s) is (are) DENISE NATASHA ROBERSON, 16110 S. ISBEY AVE., COMPTON, CA 90221. This Business is conducted by: AN INDIVIDUAL. Signed: DENISE NATASHA ROBERSON. This statement was filed with the County Clerk of Los Angeles County on 12/09/2016. The registrant(s) has (have) commenced to transact business under the fictitious business name or names listed above on N/A. NOTICE: This Fictitious Name Statement expires five years from the date it was filed in the office of the County Clerk. A new Fictitious Business Name Statement must be filed prior to that date. The filing of this statement does not of itself authorize the use in this state of a Fictitious Business Name in violation of the rights of another under federal, State, or common law (see Section 14411 et seq., Business and Professions Code).Publish: Mountain Views News. Dates Pub: Dec. 17, 24, 31, 2016, Jan. 07, 2017
FICTITIOUS BUSINESS NAME STATEMENT
File No. 2016-300144
The following person(s) is (are) doing business as: RITA MEDICAL CLINIC; ZELADAS TEKNO, 3020 W. HUNTINGTON PARK, CA 90255. Full name of registrant(s) is (are) ZELAIDAN TERAN, M.D., A MEDICAL CORPORATION, 7126 PACIFIC BLVD. STE B, HUNTINGTON PARK, CA 90255. This Business is conducted by: A CORPORATION. Signed: ZELAIDAN TERAN. This statement was filed with the County Clerk of Los Angeles County on 12/13/2016. The registrant(s) has (have) commenced to transact business under the fictitious business name or names listed above on 06/1999. NOTICE: This Fictitious Name Statement expires five years from the date it was filed in the office of the County Clerk. A new Fictitious Business Name Statement must be filed prior to that date. The filing of this statement does not of itself authorize the use in this state of a Fictitious Business Name in violation of the rights of another under federal, State, or common law (see Section 14411 et seq., Business and Professions Code).Publish: Mountain Views News. Dates Pub: Dec. 17, 24, 31, 2016, Jan. 07, 2017
FICTITIOUS BUSINESS NAME STATEMENT
File No. 2016-302032
The following person(s) is (are) doing business as: ROW CONSTRUCTION, 4417 LAUREN AVE., BALDWIN PARK, CA 91706. Full name of registrant(s) is (are) FILADELFO BACA-ITTAREZ, 4417 LAUREN AVE., BALDWIN PARK, CA 91706. This Business is conducted by: A CORPORATION. Signed: FILADELFO BACA-ITTAREZ. This statement was filed with the County Clerk of Los Angeles County on 12/15/2016. The registrant(s) has (have) commenced to transact business under the fictitious business name or names listed above on N/A. NOTICE: This Fictitious Name Statement expires five years from the date it was filed in the office of the County Clerk. A new Fictitious Business Name Statement must be filed prior to that date. The filing of this statement does not of itself authorize the use in this state of a Fictitious Business Name in violation of the rights of another under federal, State, or common law (see Section 14411 et seq., Business and Professions Code).Publish: Mountain Views News. Dates Pub: Dec. 17, 24, 31, 2016, Jan. 07, 2017
FICTITIOUS BUSINESS NAME STATEMENT
File No. 2016-301266
The following person(s) is (are) doing business as: RV ORIGINAL, 9730 CLARK AVE, BELLFLOWER, CA 90706. Full name of registrant(s) is (are) RAUL ORIGEL VAZQUEZ, 9730 CLARK AVE, BELLFLOWER, CA 90706. This Business is conducted by: AN INDIVIDUAL. Signed: RAUL ORIGEL VAZQUEZ. This statement was filed with the County Clerk of Los Angeles County on 12/13/2016. The registrant(s) has (have) commenced to transact business under the fictitious business name or names listed above on N/A. NOTICE: This Fictitious Name Statement expires five years from the date it was filed in the office of the County Clerk. A new Fictitious Business Name Statement must be filed prior to that date. The filing of this statement does not of itself authorize the use in this state of a Fictitious Business Name in violation of the rights of another under federal, State, or common law (see Section 14411 et seq., Business and Professions Code).Publish: Mountain Views News. Dates Pub: Dec. 17, 24, 31, 2016, Jan. 07, 2017
FICTITIOUS BUSINESS NAME STATEMENT
File No. 2016-301547
The following person(s) is (are) doing business as: SABIA INSURANCE, 6055 HOLLYWOOD BLVD UNIT 12, L.A., CA 90028. Full name of registrant(s) is (are) PAULA S. SABIA, 6055 HOLLYWOOD BLVD UNIT 12, L.A., CA 90028. This Business is conducted by: AN INDIVIDUAL. Signed: PAULA S. SABIA. This statement was filed with the County Clerk of Los Angeles County on 12/14/2016. The registrant(s) has (have) commenced to transact business under the fictitious business name or names listed above on N/A. NOTICE: This Fictitious Name Statement expires five years from the date it was filed in the office of the County Clerk. A new Fictitious Business Name Statement must be filed prior to that date. The filing of this statement does not of itself authorize the use in this state of a Fictitious Business Name in violation of the rights of another under federal, State, or common law (see Section 14411 et seq., Business and Professions Code).Publish: Mountain Views News. Dates Pub: Dec. 17, 24, 31, 2016, Jan. 07, 2017
FICTITIOUS BUSINESS NAME STATEMENT
File No. 2016-300177
The following person(s) is (are) doing business as: SPA DE RUI, 19360 S. ALAMEDA ST., COMPTON, CA 90221. Full name of registrant(s) is (are) JAIME SANCHEZ JR, 29610 BANCROFT AVE, BAKERSFIELD, CA 93307. This Business is conducted by: AN INDIVIDUAL. Signed: JAIME SANCHEZ JR. This statement was filed with the County Clerk of Los Angeles County on 12/13/2016. The registrant(s) has (have) commenced to transact business under the fictitious business name or names listed above on N/A. NOTICE: This Fictitious Name Statement expires five years from the date it was filed in the office of the County Clerk. A new Fictitious Business Name Statement must be filed prior to that date. The filing of this statement does not of itself authorize the use in this state of a Fictitious Business Name in violation of the rights of another under federal, State, or common law (see Section 14411 et seq., Business and Professions Code).Publish: Mountain Views News. Dates Pub: Dec. 17, 24, 31, 2016, Jan. 07, 2017
FICTITIOUS BUSINESS NAME STATEMENT
File No. 2016-299505
The following person(s) is (are) doing business as: SUPERIOR ACCOUNTANCY, 168 W 20TH ST. APT 2, L.A., CA 90007. Mailing address: 128 W MAPLE ST APT 128, GLENDALE, CA 91204. Full name of registrant(s) is (are) GUADALUPE A. SALAS ZARAGOZA, 168 W 20TH ST. APT 2, L.A., CA 90007. This Business is conducted by: AN INDIVIDUAL. Signed: GUADALUPE A. SALAS ZARAGOZA. This statement was filed with the County Clerk of Los Angeles County on 12/09/2016. The registrant(s) has (have) commenced to transact business under the fictitious business name or names listed above on N/A.
FICTITIOUS BUSINESS NAME STATEMENT
File No. 2016-298325
The following person(s) is (are) doing business as: TASTE OF SOL, 3015 N GLENN ALAN AVE, WEST COVINA, CA 91791. Full name of registrant(s) is (are) JOSEPH J. ESTRADA, 3015 N GLENN ALAN AVE, WEST COVINA, CA 91791; MARIANA KENNETH GLAVIN, 4813 INDUSTRY, HONTANA, CA 91709. This Business is conducted by: A GENERAL PARTNERSHIP. Signed: KENNETH ELLIOT OWENS. This statement was filed with the County Clerk of Los Angeles County on 12/09/2016. The registrant(s) has (have) commenced to transact business under the fictitious business name or names listed above on N/A.
Mountain Views News 80 W Sierra Madre Blvd. No. 327 Sierra Madre, Ca. 91024 Office: 626.355.2737 Fax: 626.609.3285 Email: editor@mtnviewsnews.com Website: www.mtnviewsnews.com
